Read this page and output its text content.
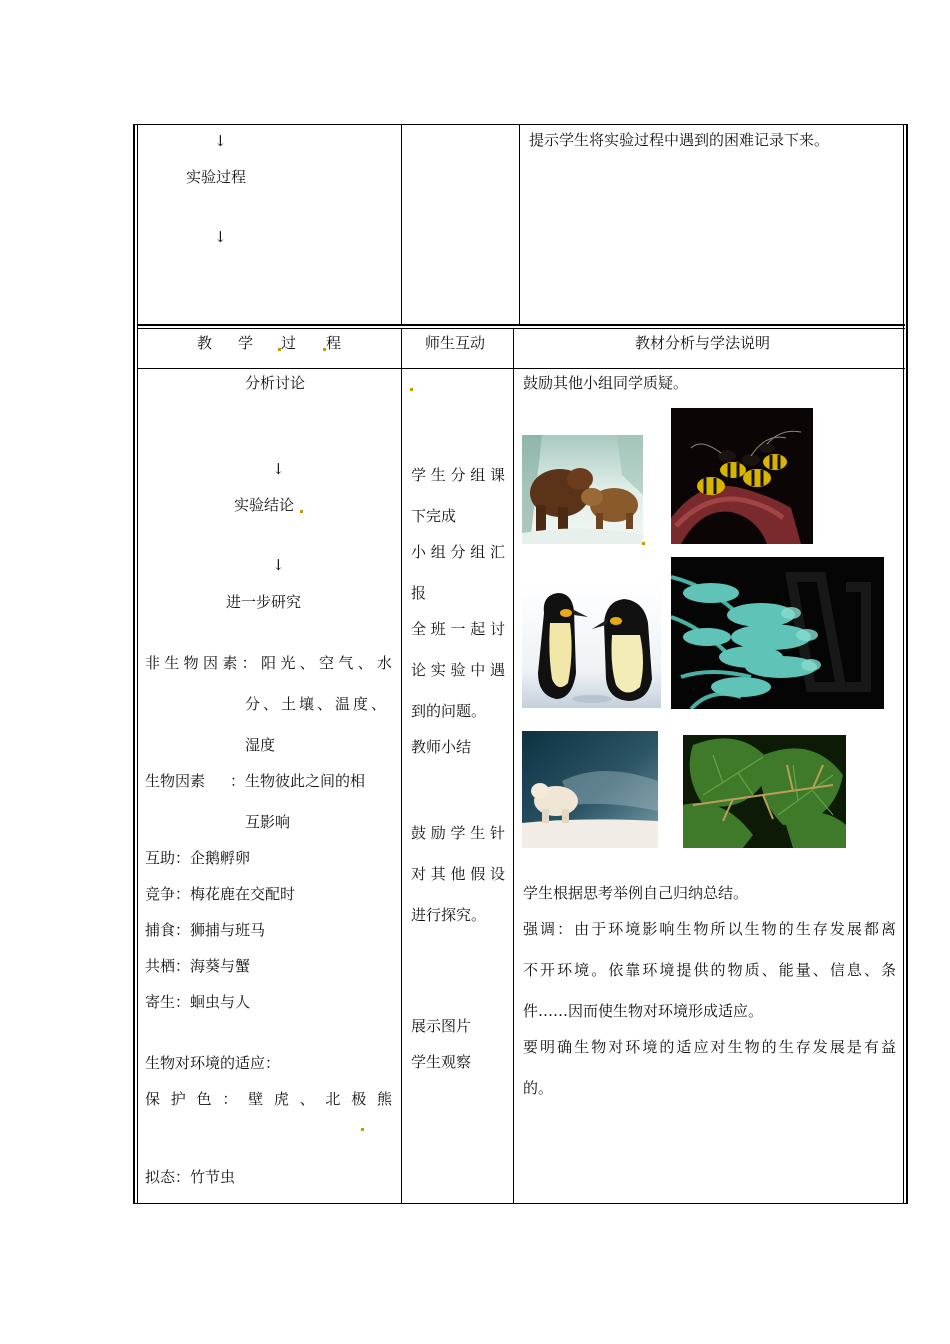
↓
实验过程
↓
提示学生将实验过程中遇到的困难记录下来。
教 学 过 程	师生互动	教材分析与学法说明
分析讨论
↓
实验结论
↓
进一步研究
非生物因素：阳光、空气、水
分、土壤、温度、
湿度
生物因素 ：生物彼此之间的相
互影响
互助：企鹅孵卵
竞争：梅花鹿在交配时
捕食：狮捕与班马
共栖：海葵与蟹
寄生：蛔虫与人
生物对环境的适应：
保护色：壁虎、北极熊
拟态：竹节虫
学生分组课
下完成
小组分组汇
报
全班一起讨
论实验中遇
到的问题。
教师小结
鼓励学生针
对其他假设
进行探究。
展示图片
学生观察
鼓励其他小组同学质疑。
学生根据思考举例自己归纳总结。
强调：由于环境影响生物所以生物的生存发展都离
不开环境。依靠环境提供的物质、能量、信息、条
件……因而使生物对环境形成适应。
要明确生物对环境的适应对生物的生存发展是有益
的。
